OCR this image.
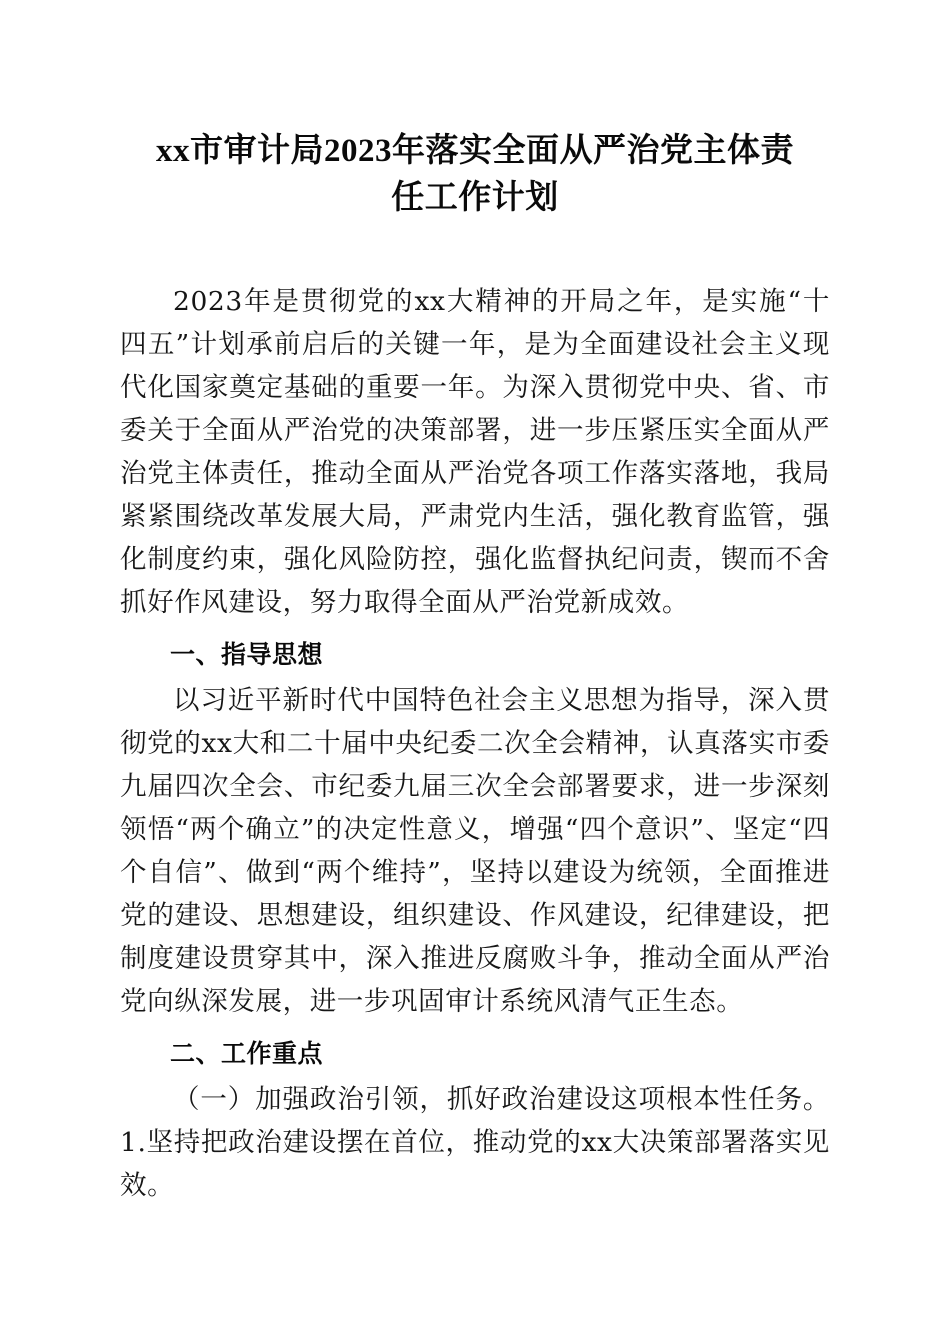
xx市审计局2023年落实全面从严治党主体责
任工作计划

2023年是贯彻党的xx大精神的开局之年，是实施“十四五”计划承前启后的关键一年，是为全面建设社会主义现代化国家奠定基础的重要一年。为深入贯彻党中央、省、市委关于全面从严治党的决策部署，进一步压紧压实全面从严治党主体责任，推动全面从严治党各项工作落实落地，我局紧紧围绕改革发展大局，严肃党内生活，强化教育监管，强化制度约束，强化风险防控，强化监督执纪问责，锲而不舍抓好作风建设，努力取得全面从严治党新成效。

一、指导思想

以习近平新时代中国特色社会主义思想为指导，深入贯彻党的xx大和二十届中央纪委二次全会精神，认真落实市委九届四次全会、市纪委九届三次全会部署要求，进一步深刻领悟“两个确立”的决定性意义，增强“四个意识”、坚定“四个自信”、做到“两个维持”，坚持以建设为统领，全面推进党的建设、思想建设，组织建设、作风建设，纪律建设，把制度建设贯穿其中，深入推进反腐败斗争，推动全面从严治党向纵深发展，进一步巩固审计系统风清气正生态。

二、工作重点

（一）加强政治引领，抓好政治建设这项根本性任务。1.坚持把政治建设摆在首位，推动党的xx大决策部署落实见效。
